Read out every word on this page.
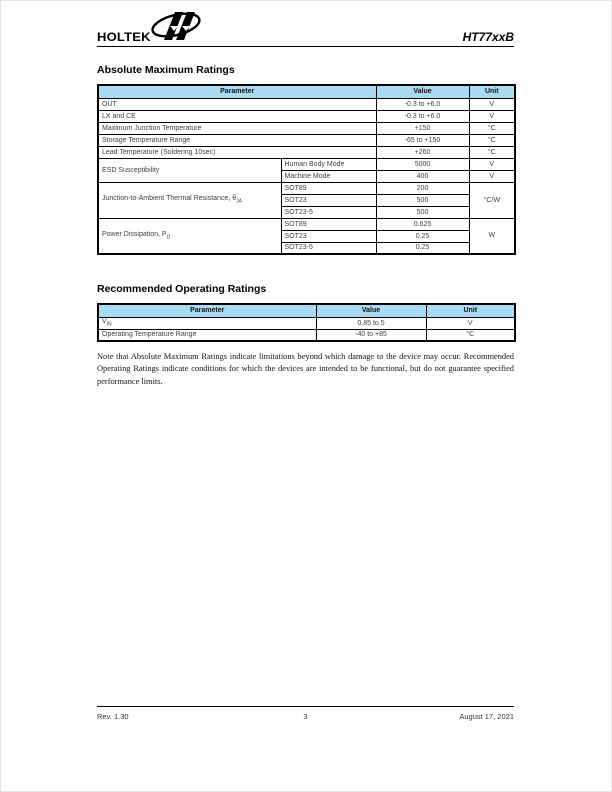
HOLTEK	HT77xxB
Absolute Maximum Ratings
Parameter		Value	Unit
OUT		-0.3 to +6.0	V
LX and CE		-0.3 to +6.0	V
Maximum Junction Temperature		+150	°C
Storage Temperature Range		-65 to +150	°C
Lead Temperature (Soldering 10sec)		+260	°C
ESD Susceptibility	Human Body Mode	5000	V
	Machine Mode	400	V
Junction-to-Ambient Thermal Resistance, $\theta_{JA}$	SOT89	200	°C/W
	SOT23	500	
	SOT23-5	500	
Power Dissipation, $P_D$	SOT89	0.625	W
	SOT23	0.25	
	SOT23-5	0.25	
Recommended Operating Ratings
Parameter	Value	Unit
$V_{IN}$	0.85 to 5	V
Operating Temperature Range	-40 to +85	°C

Note that Absolute Maximum Ratings indicate limitations beyond which damage to the device may occur. Recommended Operating Ratings indicate conditions for which the devices are intended to be functional, but do not guarantee specified performance limits.

Rev. 1.30	3	August 17, 2021
